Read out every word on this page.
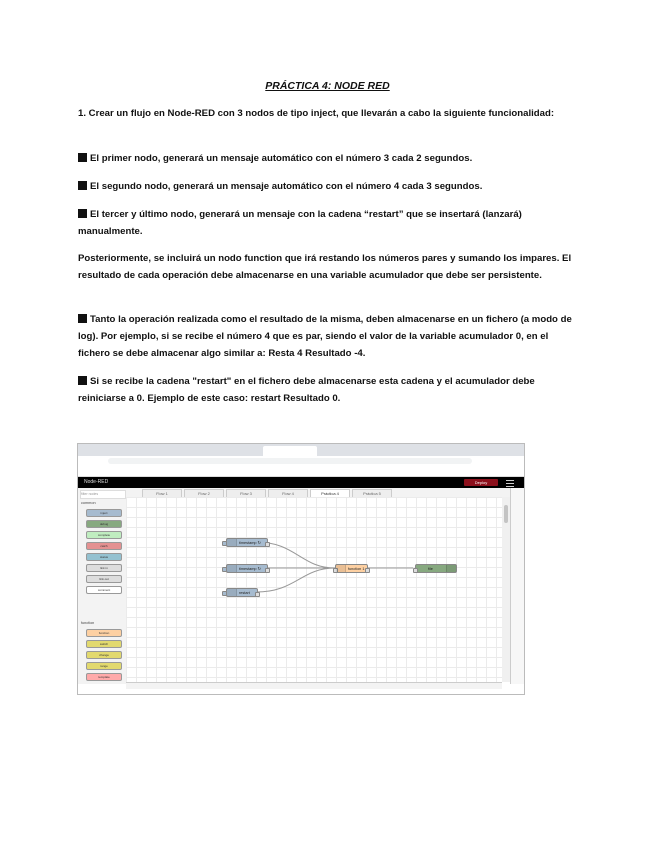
PRÁCTICA 4: NODE RED
1. Crear un flujo en Node-RED con 3 nodos de tipo inject, que llevarán a cabo la siguiente funcionalidad:
El primer nodo, generará un mensaje automático con el número 3 cada 2 segundos.
El segundo nodo, generará un mensaje automático con el número 4 cada 3 segundos.
El tercer y último nodo, generará un mensaje con la cadena “restart” que se insertará (lanzará) manualmente.
Posteriormente, se incluirá un nodo function que irá restando los números pares y sumando los impares. El resultado de cada operación debe almacenarse en una variable acumulador que debe ser persistente.
Tanto la operación realizada como el resultado de la misma, deben almacenarse en un fichero (a modo de log). Por ejemplo, si se recibe el número 4 que es par, siendo el valor de la variable acumulador 0, en el fichero se debe almacenar algo similar a: Resta 4 Resultado -4.
Si se recibe la cadena "restart" en el fichero debe almacenarse esta cadena y el acumulador debe reiniciarse a 0. Ejemplo de este caso: restart Resultado 0.
Node-RED	Deploy
filter nodes
common
inject
debug
complete
catch
status
link in
link out
comment
function
function
switch
change
range
template
Flow 1	Flow 2	Flow 3	Flow 4	Práctica 4	Práctica 5
timestamp ↻
timestamp ↻
restart
function 1	file
